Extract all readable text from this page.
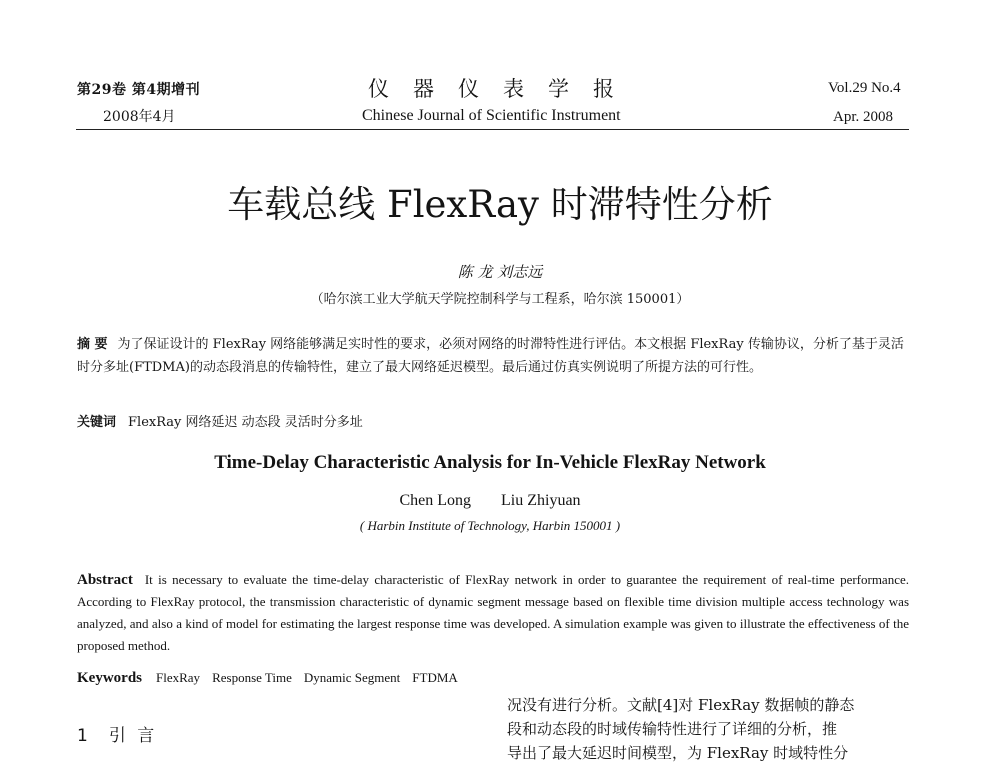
第29卷 第4期增刊
2008年4月
仪器仪表学报
Chinese Journal of Scientific Instrument
Vol.29 No.4
Apr. 2008
车载总线 FlexRay 时滞特性分析
陈 龙 刘志远
（哈尔滨工业大学航天学院控制科学与工程系，哈尔滨 150001）
摘 要 为了保证设计的 FlexRay 网络能够满足实时性的要求，必须对网络的时滞特性进行评估。本文根据 FlexRay 传输协议，分析了基于灵活时分多址(FTDMA)的动态段消息的传输特性，建立了最大网络延迟模型。最后通过仿真实例说明了所提方法的可行性。
关键词 FlexRay 网络延迟 动态段 灵活时分多址
Time-Delay Characteristic Analysis for In-Vehicle FlexRay Network
Chen Long Liu Zhiyuan
( Harbin Institute of Technology, Harbin 150001 )
Abstract It is necessary to evaluate the time-delay characteristic of FlexRay network in order to guarantee the requirement of real-time performance. According to FlexRay protocol, the transmission characteristic of dynamic segment message based on flexible time division multiple access technology was analyzed, and also a kind of model for estimating the largest response time was developed. A simulation example was given to illustrate the effectiveness of the proposed method.
Keywords FlexRay Response Time Dynamic Segment FTDMA
1 引 言
况没有进行分析。文献[4]对 FlexRay 数据帧的静态
段和动态段的时域传输特性进行了详细的分析，推
导出了最大延迟时间模型，为 FlexRay 时域特性分
